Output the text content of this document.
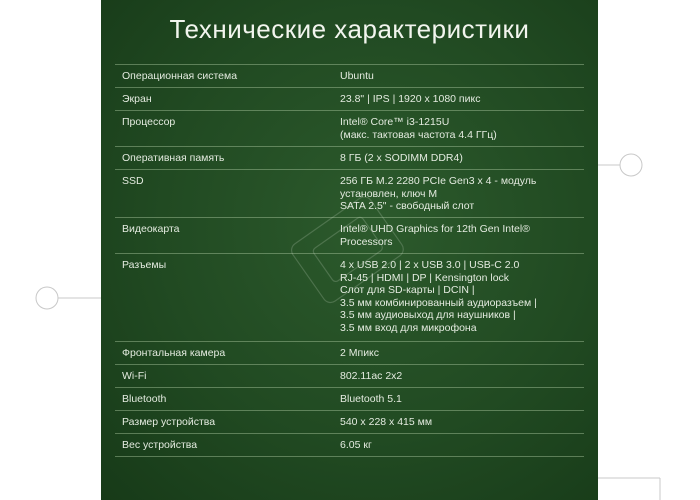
Технические характеристики
Операционная система	Ubuntu
Экран	23.8" | IPS | 1920 x 1080 пикс
Процессор	Intel® Core™ i3-1215U
(макс. тактовая частота 4.4 ГГц)
Оперативная память	8 ГБ (2 x SODIMM DDR4)
SSD	256 ГБ M.2 2280 PCIe Gen3 x 4 - модуль
установлен, ключ M
SATA 2.5" - свободный слот
Видеокарта	Intel® UHD Graphics for 12th Gen Intel®
Processors
Разъемы	4 x USB 2.0 | 2 x USB 3.0 | USB-C 2.0
RJ-45 | HDMI | DP | Kensington lock
Слот для SD-карты | DCIN |
3.5 мм комбинированный аудиоразъем |
3.5 мм аудиовыход для наушников |
3.5 мм вход для микрофона
Фронтальная камера	2 Мпикс
Wi-Fi	802.11ac 2x2
Bluetooth	Bluetooth 5.1
Размер устройства	540 x 228 x 415 мм
Вес устройства	6.05 кг
